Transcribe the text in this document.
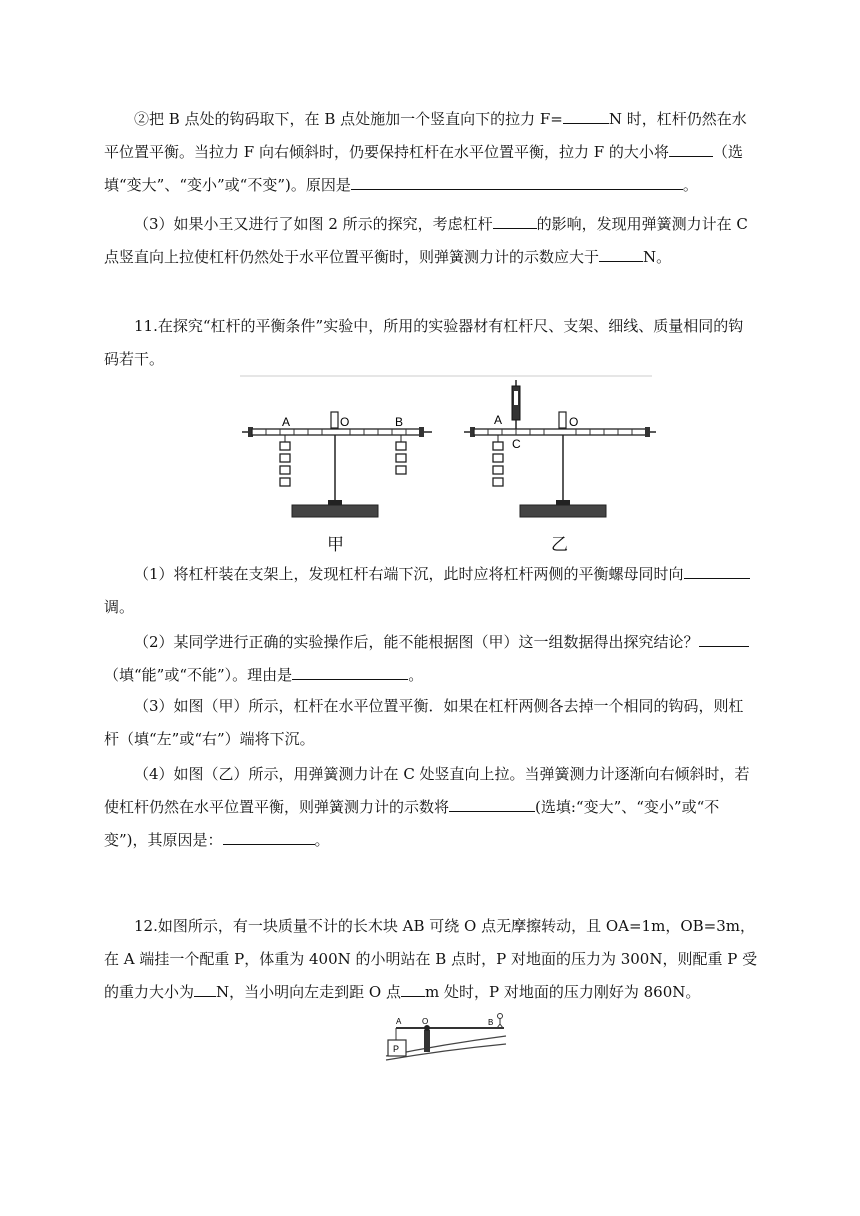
②把 B 点处的钩码取下，在 B 点处施加一个竖直向下的拉力 F=	N 时，杠杆仍然在水平位置平衡。当拉力 F 向右倾斜时，仍要保持杠杆在水平位置平衡，拉力 F 的大小将	（选填“变大”、“变小”或“不变”)。原因是	。

（3）如果小王又进行了如图 2 所示的探究，考虑杠杆	的影响，发现用弹簧测力计在 C 点竖直向上拉使杠杆仍然处于水平位置平衡时，则弹簧测力计的示数应大于	N。

11.在探究“杠杆的平衡条件”实验中，所用的实验器材有杠杆尺、支架、细线、质量相同的钩码若干。

A	O	B	A
C
O
甲	乙

（1）将杠杆装在支架上，发现杠杆右端下沉，此时应将杠杆两侧的平衡螺母同时向调。

（2）某同学进行正确的实验操作后，能不能根据图（甲）这一组数据得出探究结论？（填“能”或“不能”）。理由是	。

（3）如图（甲）所示，杠杆在水平位置平衡．如果在杠杆两侧各去掉一个相同的钩码，则杠杆（填“左”或“右”）端将下沉。

（4）如图（乙）所示，用弹簧测力计在 C 处竖直向上拉。当弹簧测力计逐渐向右倾斜时，若使杠杆仍然在水平位置平衡，则弹簧测力计的示数将	(选填:“变大”、“变小”或“不变”)，其原因是：	。

12.如图所示，有一块质量不计的长木块 AB 可绕 O 点无摩擦转动，且 OA=1m，OB=3m，在 A 端挂一个配重 P，体重为 400N 的小明站在 B 点时，P 对地面的压力为 300N，则配重 P 受的重力大小为 N，当小明向左走到距 O 点 m 处时，P 对地面的压力刚好为 860N。

A	O	B
P
